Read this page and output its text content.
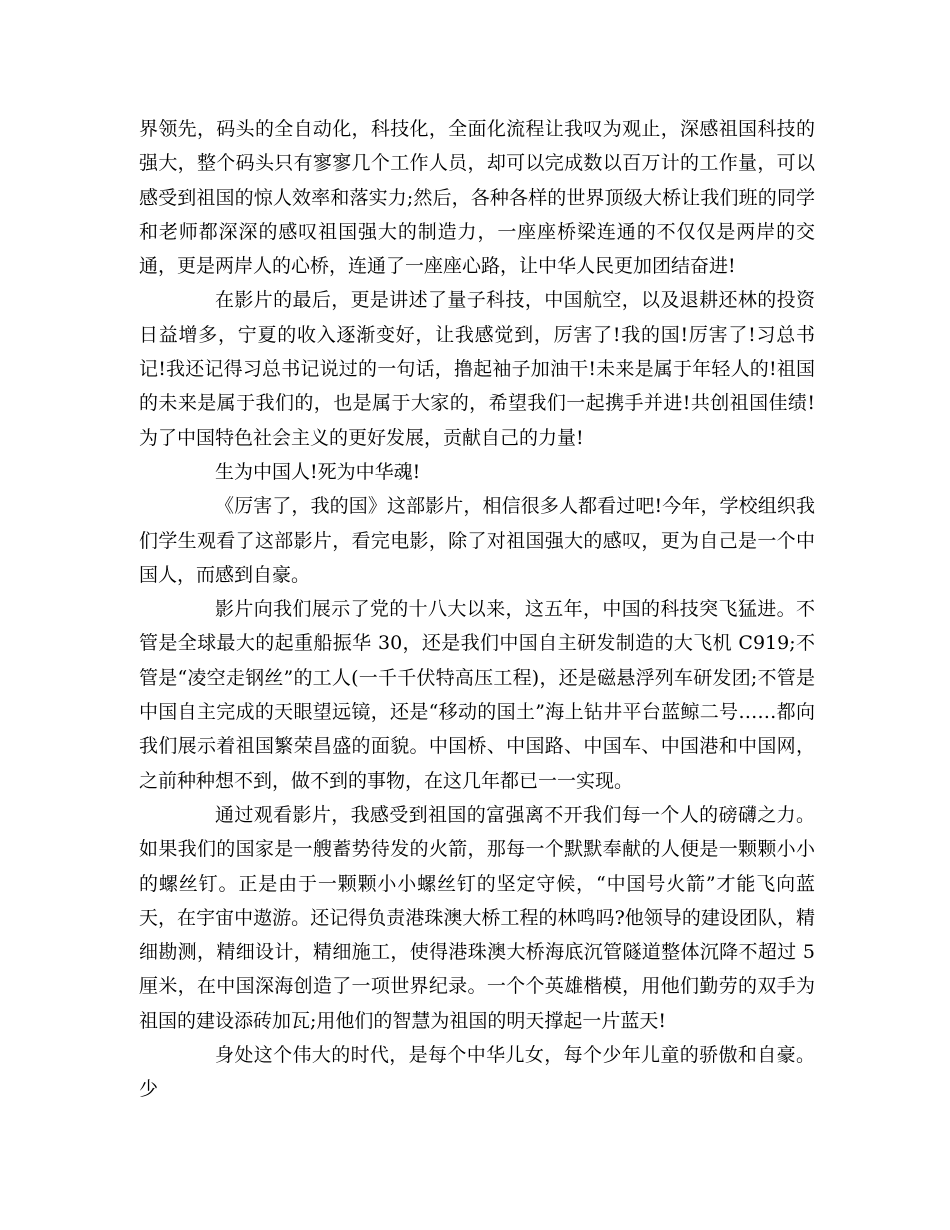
界领先，码头的全自动化，科技化，全面化流程让我叹为观止，深感祖国科技的强大，整个码头只有寥寥几个工作人员，却可以完成数以百万计的工作量，可以感受到祖国的惊人效率和落实力;然后，各种各样的世界顶级大桥让我们班的同学和老师都深深的感叹祖国强大的制造力，一座座桥梁连通的不仅仅是两岸的交通，更是两岸人的心桥，连通了一座座心路，让中华人民更加团结奋进!

在影片的最后，更是讲述了量子科技，中国航空，以及退耕还林的投资日益增多，宁夏的收入逐渐变好，让我感觉到，厉害了!我的国!厉害了!习总书记!我还记得习总书记说过的一句话，撸起袖子加油干!未来是属于年轻人的!祖国的未来是属于我们的，也是属于大家的，希望我们一起携手并进!共创祖国佳绩!为了中国特色社会主义的更好发展，贡献自己的力量!

生为中国人!死为中华魂!

《厉害了，我的国》这部影片，相信很多人都看过吧!今年，学校组织我们学生观看了这部影片，看完电影，除了对祖国强大的感叹，更为自己是一个中国人，而感到自豪。

影片向我们展示了党的十八大以来，这五年，中国的科技突飞猛进。不管是全球最大的起重船振华 30，还是我们中国自主研发制造的大飞机 C919;不管是“凌空走钢丝”的工人(一千千伏特高压工程)，还是磁悬浮列车研发团;不管是中国自主完成的天眼望远镜，还是“移动的国土”海上钻井平台蓝鲸二号……都向我们展示着祖国繁荣昌盛的面貌。中国桥、中国路、中国车、中国港和中国网，之前种种想不到，做不到的事物，在这几年都已一一实现。

通过观看影片，我感受到祖国的富强离不开我们每一个人的磅礴之力。如果我们的国家是一艘蓄势待发的火箭，那每一个默默奉献的人便是一颗颗小小的螺丝钉。正是由于一颗颗小小螺丝钉的坚定守候，“中国号火箭”才能飞向蓝天，在宇宙中遨游。还记得负责港珠澳大桥工程的林鸣吗?他领导的建设团队，精细勘测，精细设计，精细施工，使得港珠澳大桥海底沉管隧道整体沉降不超过 5 厘米，在中国深海创造了一项世界纪录。一个个英雄楷模，用他们勤劳的双手为祖国的建设添砖加瓦;用他们的智慧为祖国的明天撑起一片蓝天!

身处这个伟大的时代，是每个中华儿女，每个少年儿童的骄傲和自豪。少
